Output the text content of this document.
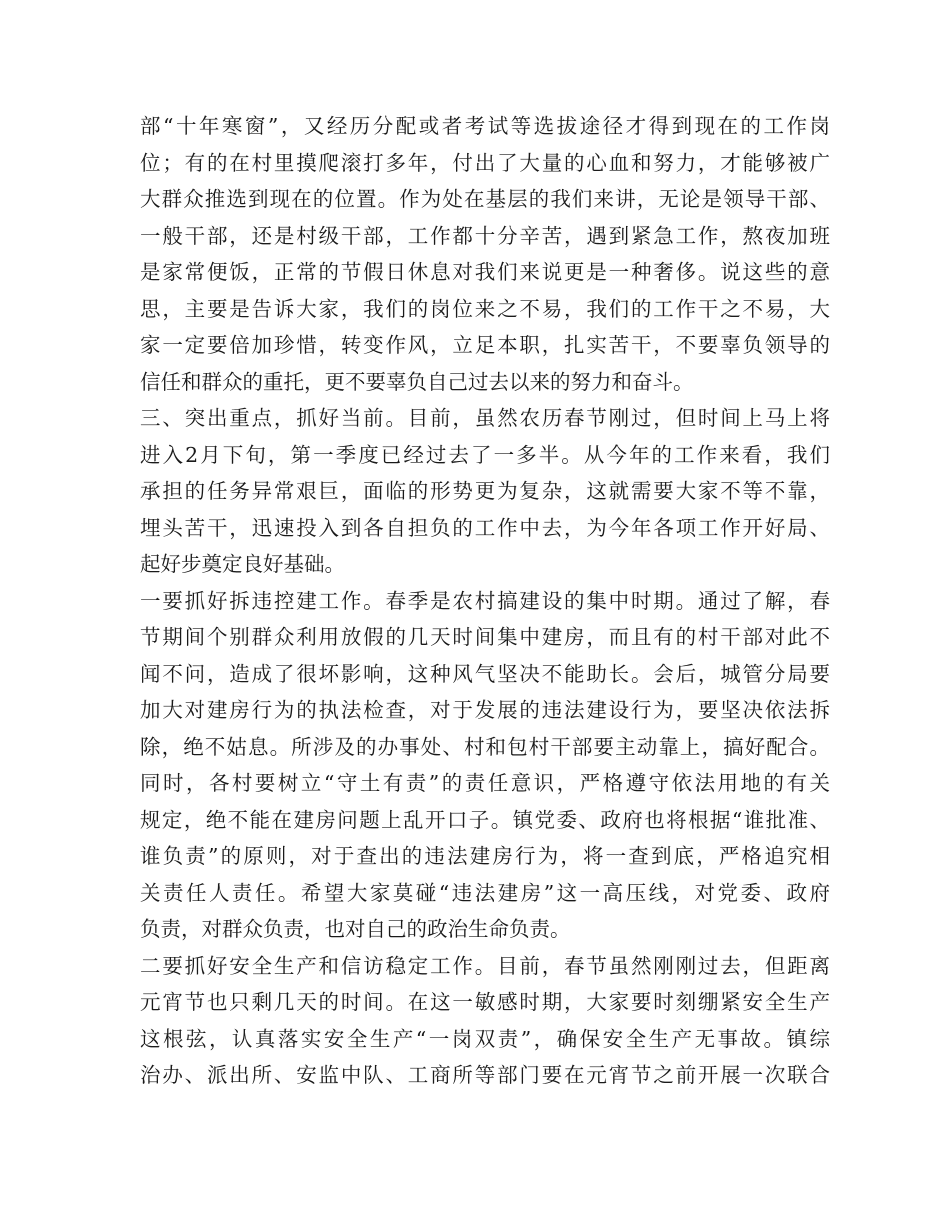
部“十年寒窗”，又经历分配或者考试等选拔途径才得到现在的工作岗
位；有的在村里摸爬滚打多年，付出了大量的心血和努力，才能够被广
大群众推选到现在的位置。作为处在基层的我们来讲，无论是领导干部、
一般干部，还是村级干部，工作都十分辛苦，遇到紧急工作，熬夜加班
是家常便饭，正常的节假日休息对我们来说更是一种奢侈。说这些的意
思，主要是告诉大家，我们的岗位来之不易，我们的工作干之不易，大
家一定要倍加珍惜，转变作风，立足本职，扎实苦干，不要辜负领导的
信任和群众的重托，更不要辜负自己过去以来的努力和奋斗。
三、突出重点，抓好当前。目前，虽然农历春节刚过，但时间上马上将
进入2月下旬，第一季度已经过去了一多半。从今年的工作来看，我们
承担的任务异常艰巨，面临的形势更为复杂，这就需要大家不等不靠，
埋头苦干，迅速投入到各自担负的工作中去，为今年各项工作开好局、
起好步奠定良好基础。
一要抓好拆违控建工作。春季是农村搞建设的集中时期。通过了解，春
节期间个别群众利用放假的几天时间集中建房，而且有的村干部对此不
闻不问，造成了很坏影响，这种风气坚决不能助长。会后，城管分局要
加大对建房行为的执法检查，对于发展的违法建设行为，要坚决依法拆
除，绝不姑息。所涉及的办事处、村和包村干部要主动靠上，搞好配合。
同时，各村要树立“守土有责”的责任意识，严格遵守依法用地的有关
规定，绝不能在建房问题上乱开口子。镇党委、政府也将根据“谁批准、
谁负责”的原则，对于查出的违法建房行为，将一查到底，严格追究相
关责任人责任。希望大家莫碰“违法建房”这一高压线，对党委、政府
负责，对群众负责，也对自己的政治生命负责。
二要抓好安全生产和信访稳定工作。目前，春节虽然刚刚过去，但距离
元宵节也只剩几天的时间。在这一敏感时期，大家要时刻绷紧安全生产
这根弦，认真落实安全生产“一岗双责”，确保安全生产无事故。镇综
治办、派出所、安监中队、工商所等部门要在元宵节之前开展一次联合
